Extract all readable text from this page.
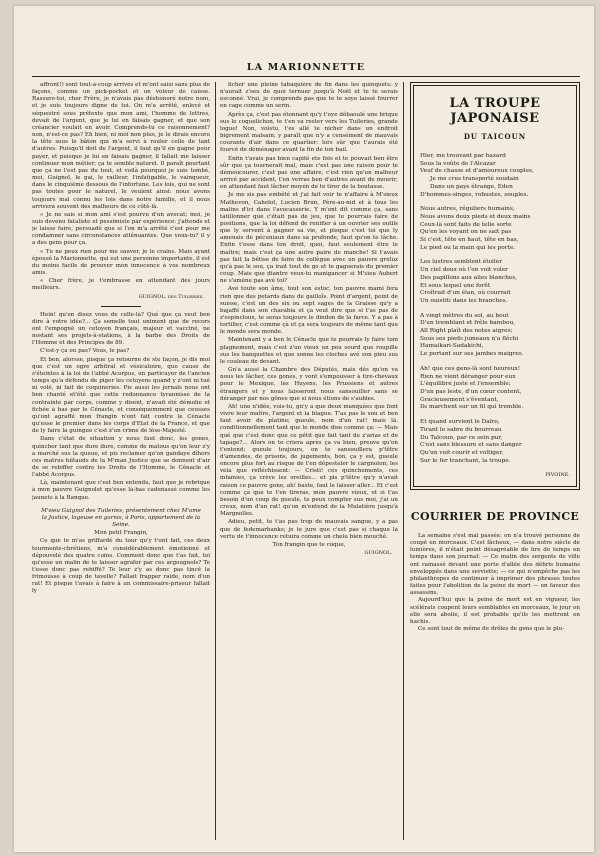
LA MARIONNETTE

affront!) sont tout-à-coup arrivés et m'ont saisi sans plus de façons, comme un pick-pocket et un voleur de caisse. Rassure-toi, cher Frère, je n'avais pas déshonoré notre nom, et je suis toujours digne de toi. On m'a arrêté, enlevé et séquestré sous prétexte que mon ami, l'homme de lettres, devait de l'argent, que je lui en faisais gagner, et que son créancier voulait en avoir. Comprends-tu ce raisonnement? non, n'est-ce pas? Eh bien, ni moi non plus, je le dirais encore la tête sous le bâton qui m'a servi à rouler celle de tant d'autres. Puisqu'il doit de l'argent, il faut qu'il en gagne pour payer, et puisque je lui en faisais gagner, il fallait me laisser continuer mon métier; ça te semble naturel. Il paraît pourtant que ça ne l'est pas du tout, et voilà pourquoi je suis tombé, moi, Guignol, le gai, le railleur, l'infatigable, le vainqueur, dans le cinquième dessous de l'infortune. Les lois, qui ne sont pas toutes pour le naturel, le veulent ainsi: nous avons toujours mal connu les lois dans notre famille, et il nous arrivera souvent des malheurs de ce côté-là.

« Je ne sais si mon ami s'est pourvu d'un avocat; moi, je suis devenu fataliste et pessimiste par expérience: j'attends et je laisse faire, persuadé que si l'on m'a arrêté c'est pour me condamner sans circonstances atténuantes. Que veux-tu? il y a des gens pour ça.

« Tu ne peux rien pour me sauver, je le crains. Mais ayant épousé la Marionnette, qui est une personne importante, il est du moins facile de prouver mon innocence à vos nombreux amis.

« Cher frère, je t'embrasse en attendant des jours meilleurs.

GUIGNOL, des Tuileries.

Hein! qu'en disez vous de celle-là? Qué que ça veut ben dire à votre idée?... Ça semelle tout uniment que de recors ont l'empogné un cetoyen français, majeur et vacciné, ne nostant ses projets-à-stations, à la barbe des Droits de l'Homme et des Principes de 89.

C'est-y ça ou pas? Vous, le pas?

Et ben, alorsse, pisque ça retourne de ste façon, je dis moi que c'est un ogre arbitral et vésicatoire, que cause de s'éteintes à la loi de l'abbé Acorpus, un particuyer de l'ancien temps qu'a défendu de piger les cetoyens quand y z'ont ni tué ni volé, ni fait de coquineries. Pis aussi les jornals nous ont ben chanté et'été que cette redonnance tyrannisse de la contrainte par corps, comme y disent, n'avait été démolie et fichée à bas par le Cénacle, et conséquemment que ceusses qu'ont agraffé mon frangin n'ont fait contre le Cénacle qu'esse le premier dans les corps d'Etat de la France, et que de ly faire la guingue c'est z'un crime de lèse-Majesté.

Dans c'état de situation y nous faut donc, les gones, quincher tant que dure dure, comme de matous qu'on leur z'y a marché sus la queue, et pis reclamer qu'on gandaye dîhors ces matrus hiitauds de la M'man Justice que se donnent d'air de se rebiffer contre les Droits de l'Homme, le Cénacle et l'abbé Acorpus.

Là, maintenant que c'est ben entendu, faut que je rebrique à mon pauvre Guignolet qu'esse là-bas cadenassé comme les jaunets à la Banque.

M'sieu Guignol des Tuileries, présentement chez M'ame la Justice, logeuse en garnis, à Paris, appartement de la Seine.

Mon petit Frangin,

Ce que te m'as griffardé du tour qu'y t'ont fait, ces deux tourmente-chrétiens, m'a considérablement émotionné et dépouvelé des quatre coins. Comment donc que t'as fait, toi qu'esse un malin de te laisser agrafer par ces argougnols? Te t'esse donc pas rebiffé? Te leur z'y as donc pas tincé la frimousse à coup de tavelle? Fallait frapper raide, nom d'un rat! Et pisque t'avais à faire à un commissaire-priseur fallait ly

ficher une pleine tabaquière de fin dans les quinquets; y n'aurait z'seu de quoi ternuer jusqu'à Noël et te te serais esconné. Vrai, je comprends pas que te te soye laissé fourrer en cage comme un serin.

Après ça, c'est pas étonnant qu'y t'oye débaoulé une brique sus le coquelichon, te t'en va rester vers les Tuileries, grande logue! Non, voistu, t'es allé te nicher dans un endroit bigrement malsain; y paraît que n'y a censément de mauvais courants d'air dans ce quartier: lors sûr que t'aurais été fourcé de déménager avant la fin de ton bail.

Enfin t'avais pas bien capité ete fois et te pouvait ben être sûr que ça tournerait mal, mais c'est pas une raison pour te démoucourer, c'est pas une affaire, c'est rien qu'un malheur arrivé par accident, t'en verras ben d'autres avant de mourir; en attendant faut lâcher moyen de te tirer de la boutasse.

Je me sis pas embêté et j'ai fait voir te n'affaire à M'sieux Mathevon, Cahelot, Lucien Brun, Père-au-nid et à tous les malins d'ici dans l'avocasserie. Y m'ont dit comme ça, sans tatillonner que c'était pas de jeu, que te pourrais faire de positions, que la loi défend de renifler à un ouvrier ses outils que ly servent à gagner sa vie, et pisque c'est toi que ly amenais de pécuniaux dans sa profonde, faut qu'on te lâche. Enfin t'esse dans ton droit, quoi, faut seulement être le maître; mais c'est ça une autre paire de manche! Si t'avais pas fait la bêtise de faire de collègue avec un pauvre greluz qu'à pas le sou, ça irait tout de go et te gaguerais du premier coup. Mais que diantre veux-tu manigancer si M'sieu Aubert ne s'amène pas avé toi?

Avé toute son âme, tout son estoc, ton pauvre mami fera rien que des petards dans de gailloîs. Point d'argent, point de suisse, c'est un des six ou sept sages de la Graisse qu'y a bajaffé dans son charabia et ça veut dire que si t'as pas de z'espincloux, te seras toujours le dindon de la farce. Y a pas à tortiller, c'est comme çà et ça sera toujours de même tant que le monde sera monde.

Maintenant y a ben le Cénacle que te pourrais ly faire tom plagnement, mais c'est z'un vieux un peu sourd que roupille sus les banquettes et que sonne les cloches avé son pieu sus le couleau de devant.

Gn'a aussi la Chambre des Députés, mais dès qu'on va nous les lâcher, ces gones, y vont s'empousser à tire-chevaux pour le Mexique, les Huyens, les Prussiens et autres étrangers et y nous laisseront nous sansouiller sans se déranger par nos gônes que si nous étions de s'aubles.

Ah! une n'idée, vois-tu, gn'y a que deux manquées que font vivre leur maître, l'argent et la blague. T'as pas le sou et ben faut avoir de platine; gueule, nom d'un rat! mais là, conditionnellement tant que le monde dise comme ça: — Mais qué que c'est donc que ce pétit que fait tant de z'arias et de tapage?... Alors on te criera après ça va bien, preuve qu'on t'entend; gueule toujours, on te sansouillera p'têtre d'amendes, de prisons, de jugements, bon, ça y est, gueule encore plus fort au risque de t'en dépesteler le cargnolon; les vela que refléchissent: — Cristi! ces quinchements, ces infamies, ça crève les oreilles... et pis p'têtre qu'y n'avait raison ce pauvre gone, ah! baste, faut le laisser aller... Et c'est comme ça que te t'en tireras, mon pauvre vieux, et si t'as besoin d'un coup de gueule, te peux compter sus moi, j'ai un creux, nom d'un rat! qu'on m'entend de la Mulatière jusqu'à Margnolles.

Adieu, petit, te t'as pas trop de mauvais sangue, y a pas que de fedemarbanks; je te jure que c'est pas si chaque la vertu de t'innocence retuira comme un chelu bien mouché.

Ton frangin que te coque,

GUIGNOL.
LA TROUPE JAPONAISE
DU TAICOUN
Hier, me trouvant par hazard
Sous la voûte de l'Alcazar
Veuf de chasse et d'amoureux couples,
Je me crus transporté soudain
Dans un pays étrange, Eden
D'hommes-singes, robustes, souples.
Nous autres, réguliers humains,
Nous avons deux pieds et deux mains
Ceux-là sont faits de telle sorte
Qu'en les voyant on ne sait pas
Si c'est, tête en haut, tête en bas,
Le pied ou la main qui les porte.
Les lustres semblent étoiler
Un ciel doux où l'on voit voler
Des papillons aux ailes blanches,
Et sous lequel une forêt
Croîtrait d'un élan, où courrait
Un ouistiti dans les branches.
A vingt mètres du sol, au bout
D'un tremblant et frêle bambou,
All Right plaît des notes aigres;
Sous ses pieds jumeaux n'a fléchi
Hamaikari-Sadakichi,
Le portant sur ses jambes maigres.
Ah! que ces gens-là sont heureux!
Rien ne vient déranger pour eux
L'équilibre juste et l'ensemble;
D'un pas leste, d'un cœur content,
Gracieusement s'éventant,
Ils marchent sur un fil qui tremble.
Et quand survient le Daïro,
Tirant le sabre du bourreau
Du Taïcoun, par ce sein pur,
C'est sans blessure et sans danger
Qu'un voit courir et voltiger,
Sur le fer tranchant, la troupe.
PIVOINE.
COURRIER DE PROVINCE

La semaine s'est mal passée: on n'a trouvé personne de coupé en morceaux. C'est fâcheux, — dans notre siècle de lumières, il n'était point désagréable de lire de temps en temps dans son journal: — Ce matin des sergents de ville ont ramassé devant une porte d'allée des débris humains enveloppés dans une serviette; — ce qui n'empêche pas les philanthropes de continuer à imprimer des phrases toutes faites pour l'abolition de la peine de mort — en faveur des assassins.

Aujourd'hui que la peine de mort est en vigueur, les scélérats coupent leurs semblables en morceaux, le jour on elle sera abolie, il est probable qu'ils les mettront en hachis.

Ce sont tout de même de drôles de gens que le plu-
